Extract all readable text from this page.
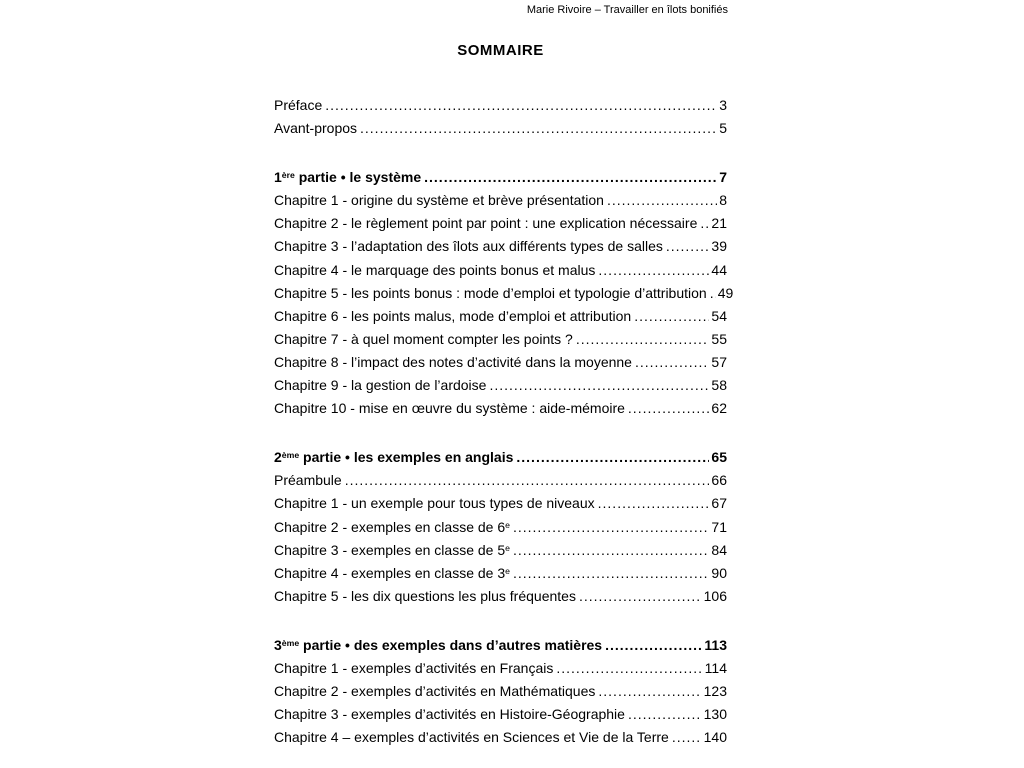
Marie Rivoire – Travailler en îlots bonifiés
SOMMAIRE
Préface .....	3
Avant-propos .....	5
1ère partie • le système .....	7
Chapitre 1 - origine du système et brève présentation .....	8
Chapitre 2 - le règlement point par point : une explication nécessaire ..... 21
Chapitre 3 - l’adaptation des îlots aux différents types de salles .....	39
Chapitre 4 - le marquage des points bonus et malus .....	44
Chapitre 5 - les points bonus : mode d’emploi et typologie d’attribution ..... 49
Chapitre 6 - les points malus, mode d’emploi et attribution .....	54
Chapitre 7 - à quel moment compter les points ? .....	55
Chapitre 8 - l’impact des notes d’activité dans la moyenne .....	57
Chapitre 9 - la gestion de l’ardoise .....	58
Chapitre 10 - mise en œuvre du système : aide-mémoire .....	62
2ème partie • les exemples en anglais .....	65
Préambule .....	66
Chapitre 1 - un exemple pour tous types de niveaux .....	67
Chapitre 2 - exemples en classe de 6e .....	71
Chapitre 3 - exemples en classe de 5e .....	84
Chapitre 4 - exemples en classe de 3e .....	90
Chapitre 5 - les dix questions les plus fréquentes .....	106
3ème partie • des exemples dans d’autres matières .....	113
Chapitre 1 - exemples d’activités en Français .....	114
Chapitre 2 - exemples d’activités en Mathématiques .....	123
Chapitre 3 - exemples d’activités en Histoire-Géographie .....	130
Chapitre 4 – exemples d’activités en Sciences et Vie de la Terre ..... 140
